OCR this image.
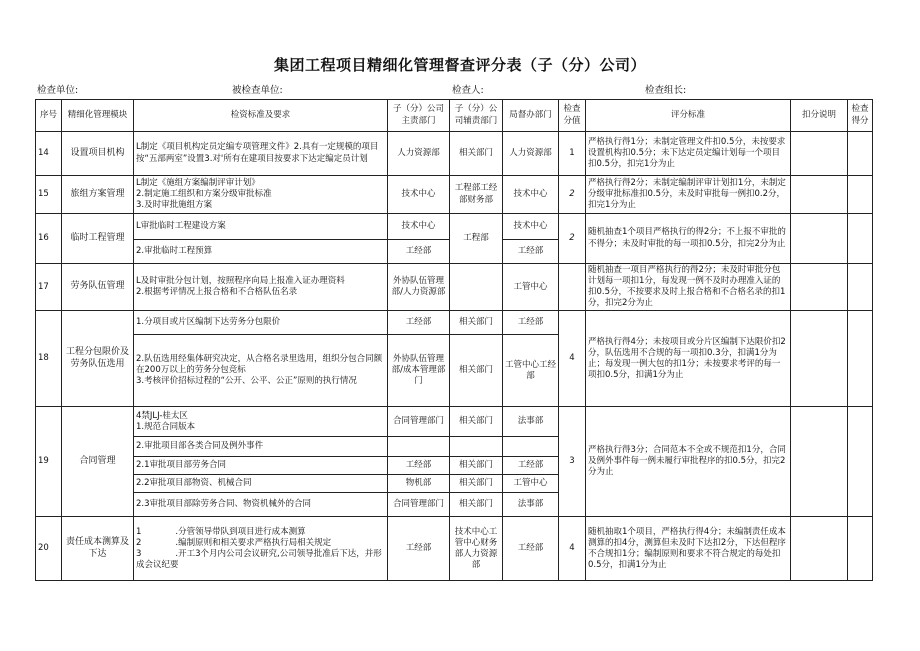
集团工程项目精细化管理督查评分表（子（分）公司）
检查单位:	被检查单位:	检查人:	检查组长:
序号	精细化管理模块	检资标准及要求	子（分）公司主责部门	子（分）公司辅责部门	局督办部门	检查分值	评分标准	扣分说明	检查得分
14	设置项目机构	L制定《项目机构定员定编专项管理文件》2.具有一定规模的项目按“五部两室”设置3.对'所有在建项目按要求下达定编定员计划	人力资源部	相关部门	人力资源部	1	严格执行得1分；未制定管理文件扣0.5分，未按要求设置机构扣0.5分；未下达定员定编计划每一个项目扣0.5分，扣完1分为止		
15	旅组方案管理	L制定《施组方案编制评审计划》
2.制定施工组织和方案分级审批标准
3.及时审批施组方案	技术中心	工程部工经部财务部	技术中心	2	严格执行得2分；未制定编制评审计划扣1分，未制定分级审批标准扣0.5分，未及时审批每一例扣0.2分，扣完1分为止		
16	临时工程管理	L审批临时工程建设方案	技术中心	工程部	技术中心	2	随机抽查1个项目严格执行的得2分；不上报不审批的不得分；未及时审批的每一项扣0.5分，扣完2分为止		
		2.审批临时工程预算	工经部		工经部				
17	劳务队伍管理	L及时审批分包计划，按照程序向局上报准入证办理资料
2.根据考评情况上报合格和不合格队伍名录	外协队伍管理部/人力资源部		工管中心		随机抽查一项目严格执行的得2分；未及时审批分包计划每一项扣1分，每发现一例不及时办理准入证的扣0.5分，不按要求及时上报合格和不合格名录的扣1分，扣完2分为止		
18	工程分包限价及劳务队伍选用	1.分项目或片区编制下达劳务分包限价	工经部	相关部门	工经部	4	严格执行得4分；未按项目或分片区编制下达限价扣2分，队伍选用不合规的每一项扣0.3分，扣满1分为止；每发现一例大包的扣1分；未按要求考评的每一项扣0.5分，扣满1分为止		
		2.队伍选用经集体研究决定，从合格名录里选用，组织分包合同额在200万以上的劳务分包竞标
3.考核评价招标过程的“公开、公平、公正”原则的执行情况	外协队伍管理部/成本管理部门	相关部门	工管中心工经部				
19	合同管理	4禁JLJ-桂太区
1.规范合同版本	合同管理部门	相关部门	法事部	3	严格执行得3分；合同范本不全或不规范扣1分，合同及例外事件每一例未履行审批程序的扣0.5分，扣完2分为止		
		2.审批项目部各类合同及例外事件							
		2.1审批项目部劳务合同	工经部	相关部门	工经部				
		2.2审批项目部物资、机械合同	物机部	相关部门	工管中心				
		2.3审批项目部除劳务合同、物资机械外的合同	合同管理部门	相关部门	法事部				
20	责任成本测算及下达	1　　　　.分管领导带队到项目进行成本测算
2　　　　.编制原则和相关要求严格执行局相关规定
3　　　　.开工3个月内公司会议研究,公司领导批准后下达，并形成会议纪要	工经部	技术中心工管中心财务部人力资源部	工经部	4	随机抽取1个项目，严格执行得4分；未编制责任成本测算的扣4分，测算但未及时下达扣2分，下达但程序不合规扣1分；编制原则和要求不符合规定的每处扣0.5分，扣满1分为止		
